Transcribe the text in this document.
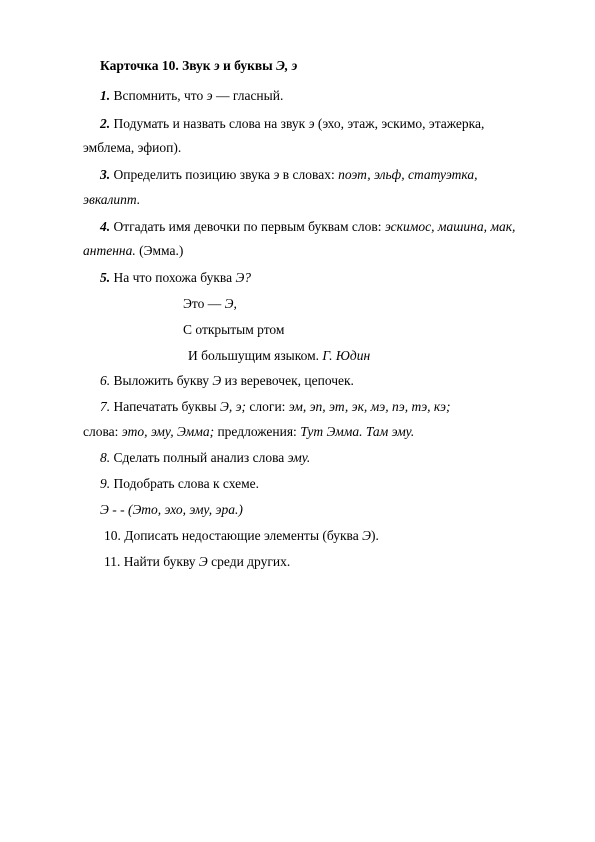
Карточка 10. Звук э и буквы Э, э
1. Вспомнить, что э — гласный.
2. Подумать и назвать слова на звук э (эхо, этаж, эскимо, этажерка,
эмблема, эфиоп).
3. Определить позицию звука э в словах: поэт, эльф, статуэтка,
эвкалипт.
4. Отгадать имя девочки по первым буквам слов: эскимос, машина, мак,
антенна. (Эмма.)
5. На что похожа буква Э?
Это — Э,
С открытым ртом
И большущим языком. Г. Юдин
6. Выложить букву Э из веревочек, цепочек.
7. Напечатать буквы Э, э; слоги: эм, эп, эт, эк, мэ, пэ, тэ, кэ;
слова: это, эму, Эмма; предложения: Тут Эмма. Там эму.
8. Сделать полный анализ слова эму.
9. Подобрать слова к схеме.
Э - - (Это, эхо, эму, эра.)
10. Дописать недостающие элементы (буква Э).
11. Найти букву Э среди других.
